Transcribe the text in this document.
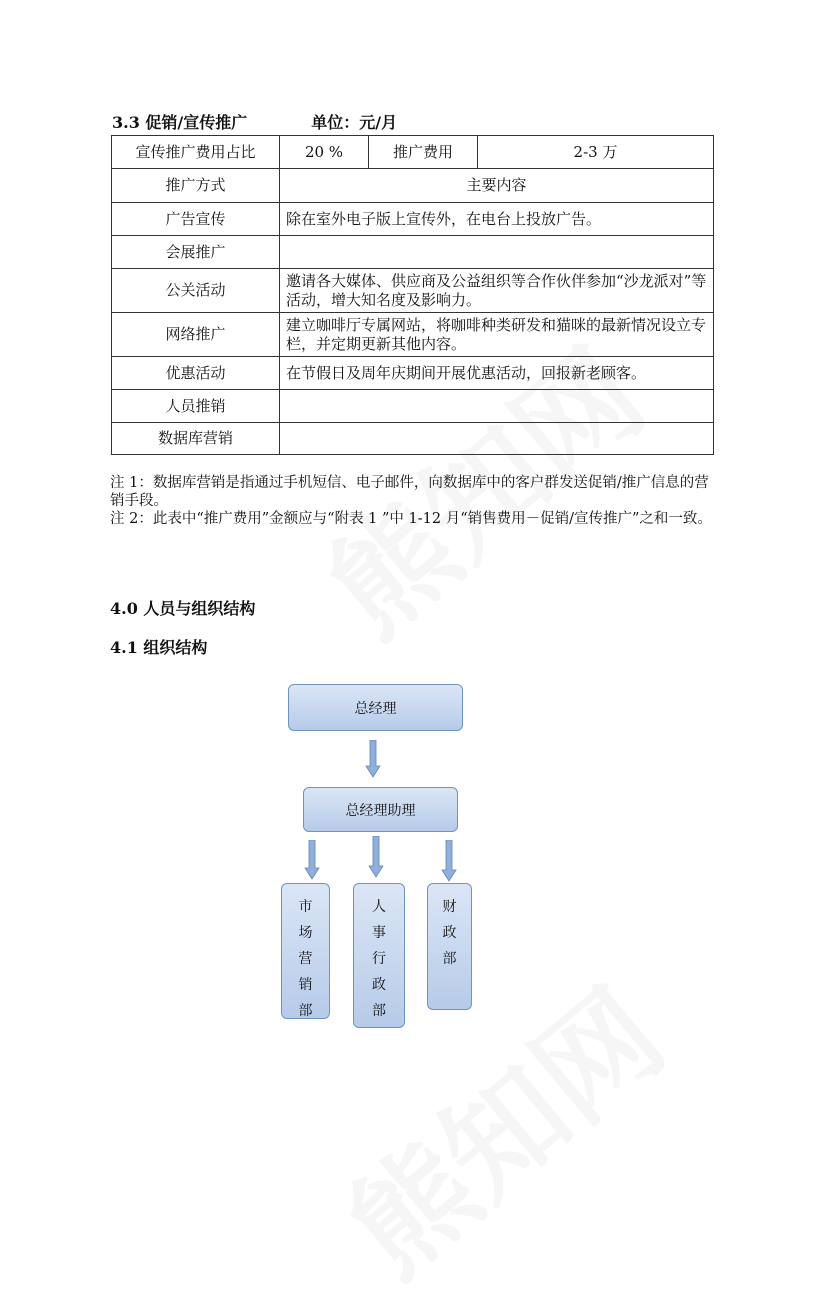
3.3 促销/宣传推广	单位：元/月
宣传推广费用占比	20 %	推广费用	2-3 万
推广方式	主要内容		
广告宣传	除在室外电子版上宣传外，在电台上投放广告。		
会展推广			
公关活动	邀请各大媒体、供应商及公益组织等合作伙伴参加“沙龙派对”等活动，增大知名度及影响力。		
网络推广	建立咖啡厅专属网站，将咖啡种类研发和猫咪的最新情况设立专栏，并定期更新其他内容。		
优惠活动	在节假日及周年庆期间开展优惠活动，回报新老顾客。		
人员推销			
数据库营销			

注 1：数据库营销是指通过手机短信、电子邮件，向数据库中的客户群发送促销/推广信息的营销手段。

注 2：此表中“推广费用”金额应与“附表 1 ”中 1-12 月“销售费用－促销/宣传推广”之和一致。

4.0 人员与组织结构
4.1 组织结构
总经理
总经理助理
市场营销部
人事行政部
财政部
